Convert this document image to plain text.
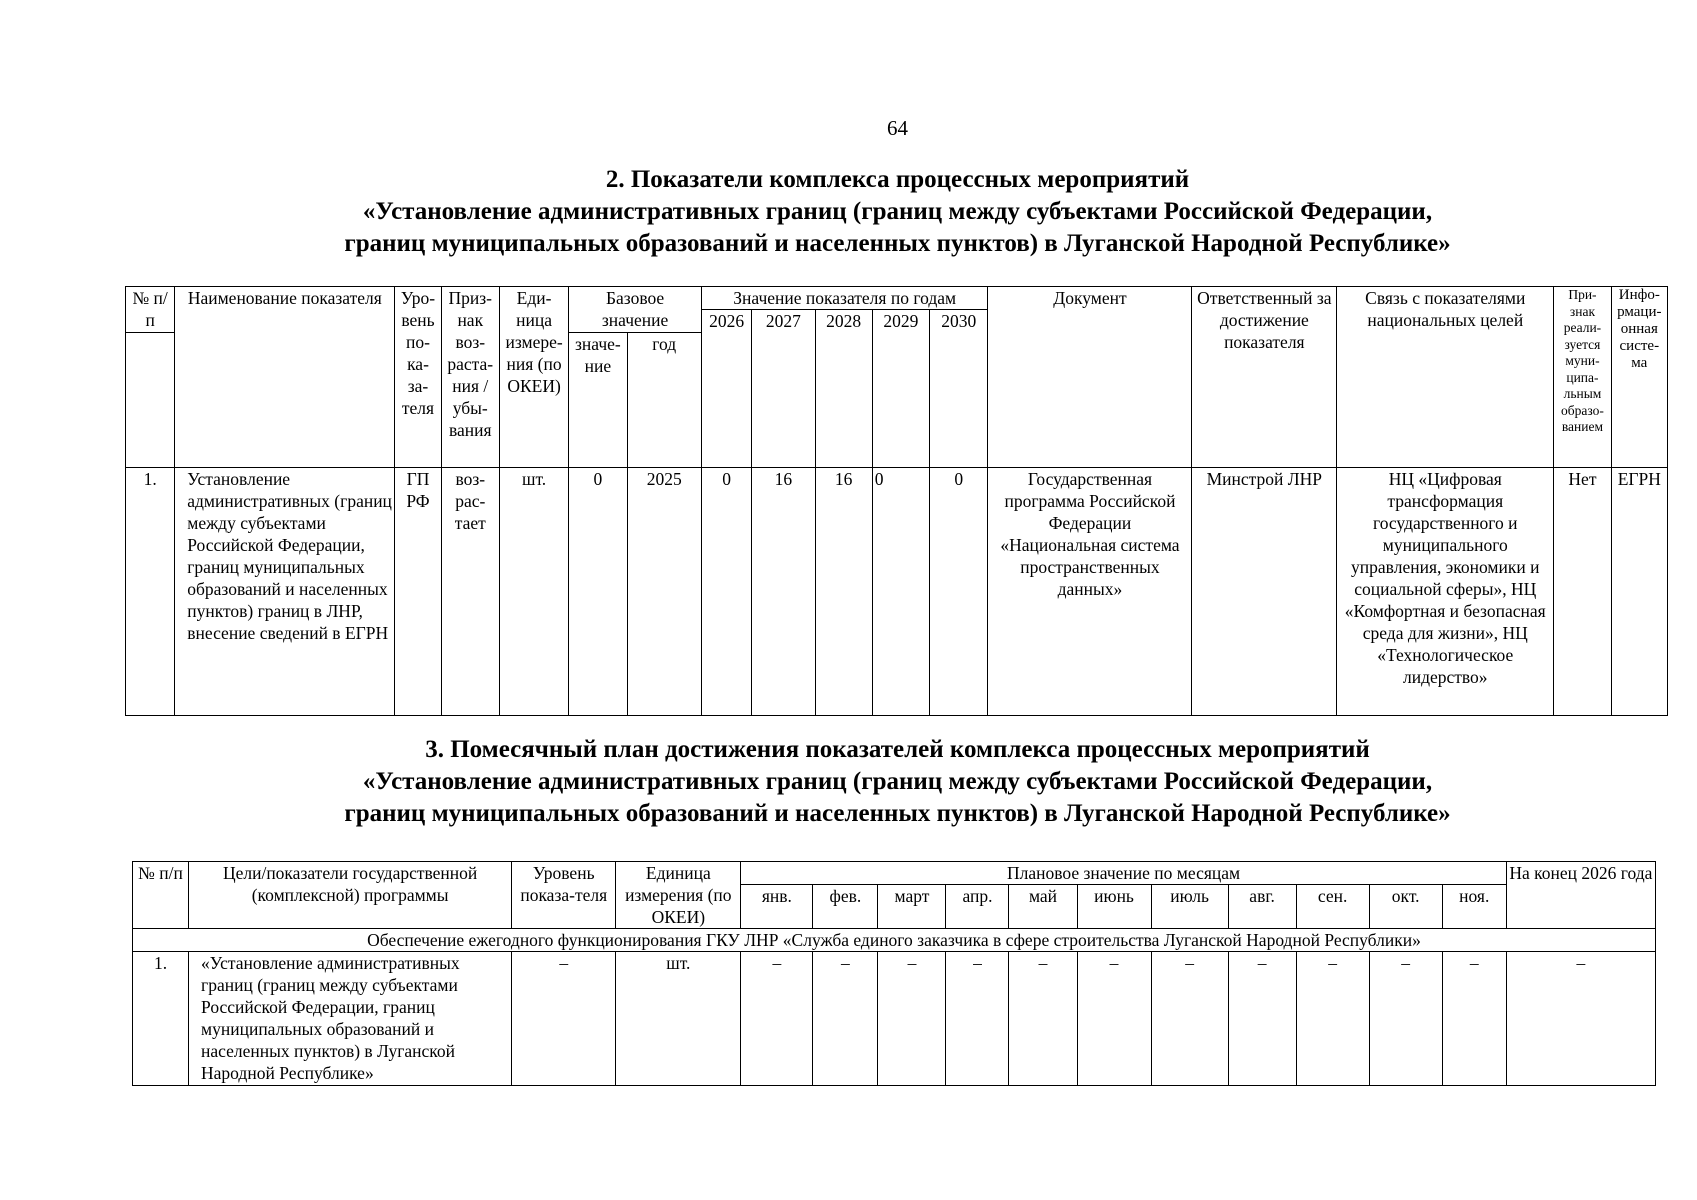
64
2. Показатели комплекса процессных мероприятий
«Установление административных границ (границ между субъектами Российской Федерации,
границ муниципальных образований и населенных пунктов) в Луганской Народной Республике»
№ п/п	Наименование показателя	Уро-вень по-ка-за-теля	Приз-нак воз-раста-ния / убы-вания	Еди-ница измере-ния (по ОКЕИ)	Базовое значение		Значение показателя по годам					Документ	Ответственный за достижение показателя	Связь с показателями национальных целей	При-знак реали-зуется муни-ципа-льным образо-ванием	Инфо-рмаци-онная систе-ма
							2026	2027	2028	2029	2030					
					значе-ние	год										
1.	Установление административных (границ между субъектами Российской Федерации, границ муниципальных образований и населенных пунктов) границ в ЛНР, внесение сведений в ЕГРН	ГП РФ	воз-рас-тает	шт.	0	2025	0	16	16	0	0	Государственная программа Российской Федерации «Национальная система пространственных данных»	Минстрой ЛНР	НЦ «Цифровая трансформация государственного и муниципального управления, экономики и социальной сферы», НЦ «Комфортная и безопасная среда для жизни», НЦ «Технологическое лидерство»	Нет	ЕГРН
3. Помесячный план достижения показателей комплекса процессных мероприятий
«Установление административных границ (границ между субъектами Российской Федерации,
границ муниципальных образований и населенных пунктов) в Луганской Народной Республике»
№ п/п	Цели/показатели государственной (комплексной) программы	Уровень показа-теля	Единица измерения (по ОКЕИ)	Плановое значение по месяцам											На конец 2026 года
				янв.	фев.	март	апр.	май	июнь	июль	авг.	сен.	окт.	ноя.	
Обеспечение ежегодного функционирования ГКУ ЛНР «Служба единого заказчика в сфере строительства Луганской Народной Республики»															
1.	«Установление административных границ (границ между субъектами Российской Федерации, границ муниципальных образований и населенных пунктов) в Луганской Народной Республике»	–	шт.	–	–	–	–	–	–	–	–	–	–	–	–
